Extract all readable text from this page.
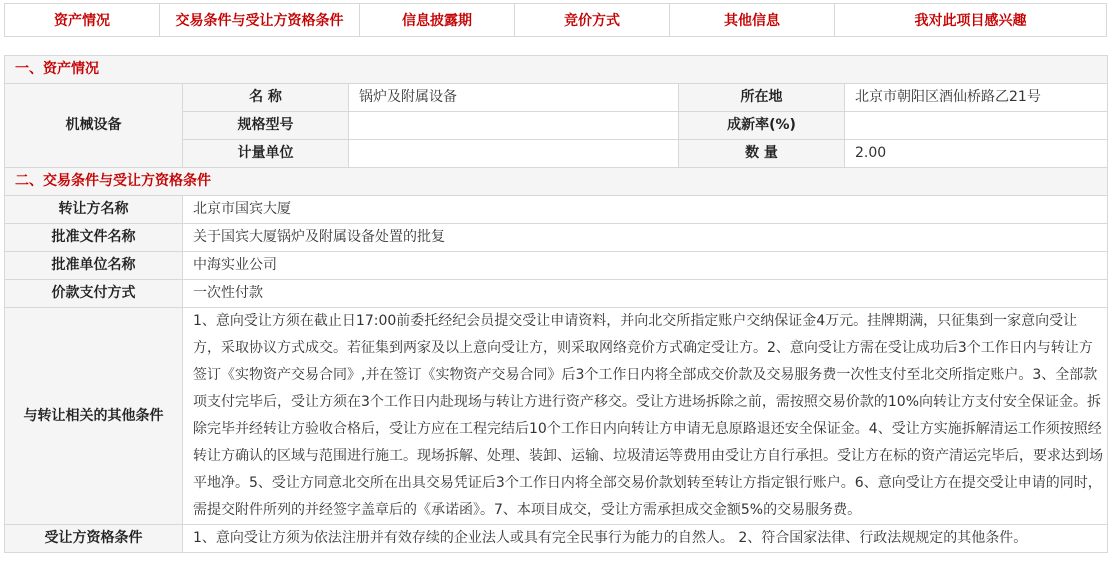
资产情况	交易条件与受让方资格条件	信息披露期	竞价方式	其他信息	我对此项目感兴趣
一、资产情况				
机械设备	名 称	锅炉及附属设备	所在地	北京市朝阳区酒仙桥路乙21号
	规格型号		成新率(%)	
	计量单位		数 量	2.00
二、交易条件与受让方资格条件				
转让方名称	北京市国宾大厦			
批准文件名称	关于国宾大厦锅炉及附属设备处置的批复			
批准单位名称	中海实业公司			
价款支付方式	一次性付款			
与转让相关的其他条件	1、意向受让方须在截止日17:00前委托经纪会员提交受让申请资料，并向北交所指定账户交纳保证金4万元。挂牌期满，只征集到一家意向受让方，采取协议方式成交。若征集到两家及以上意向受让方，则采取网络竞价方式确定受让方。2、意向受让方需在受让成功后3个工作日内与转让方签订《实物资产交易合同》,并在签订《实物资产交易合同》后3个工作日内将全部成交价款及交易服务费一次性支付至北交所指定账户。3、全部款项支付完毕后，受让方须在3个工作日内赴现场与转让方进行资产移交。受让方进场拆除之前，需按照交易价款的10%向转让方支付安全保证金。拆除完毕并经转让方验收合格后，受让方应在工程完结后10个工作日内向转让方申请无息原路退还安全保证金。4、受让方实施拆解清运工作须按照经转让方确认的区域与范围进行施工。现场拆解、处理、装卸、运输、垃圾清运等费用由受让方自行承担。受让方在标的资产清运完毕后，要求达到场平地净。5、受让方同意北交所在出具交易凭证后3个工作日内将全部交易价款划转至转让方指定银行账户。6、意向受让方在提交受让申请的同时，需提交附件所列的并经签字盖章后的《承诺函》。7、本项目成交，受让方需承担成交金额5%的交易服务费。			
受让方资格条件	1、意向受让方须为依法注册并有效存续的企业法人或具有完全民事行为能力的自然人。 2、符合国家法律、行政法规规定的其他条件。			
